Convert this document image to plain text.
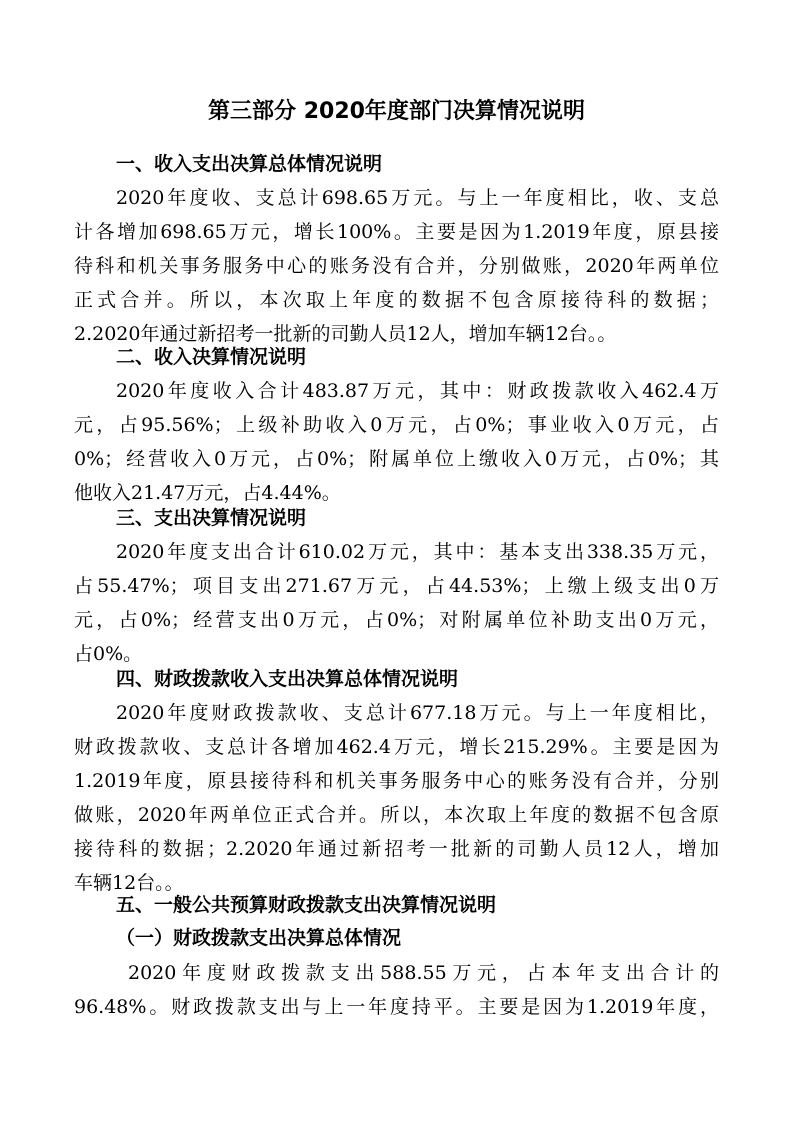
第三部分 2020年度部门决算情况说明
一、收入支出决算总体情况说明
2020年度收、支总计698.65万元。与上一年度相比，收、支总
计各增加698.65万元，增长100%。主要是因为1.2019年度，原县接
待科和机关事务服务中心的账务没有合并，分别做账，2020年两单位
正式合并。所以，本次取上年度的数据不包含原接待科的数据；
2.2020年通过新招考一批新的司勤人员12人，增加车辆12台。。
二、收入决算情况说明
2020年度收入合计483.87万元，其中：财政拨款收入462.4万
元，占95.56%；上级补助收入0万元，占0%；事业收入0万元，占
0%；经营收入0万元，占0%；附属单位上缴收入0万元，占0%；其
他收入21.47万元，占4.44%。
三、支出决算情况说明
2020年度支出合计610.02万元，其中：基本支出338.35万元，
占55.47%；项目支出271.67万元，占44.53%；上缴上级支出0万
元，占0%；经营支出0万元，占0%；对附属单位补助支出0万元，
占0%。
四、财政拨款收入支出决算总体情况说明
2020年度财政拨款收、支总计677.18万元。与上一年度相比，
财政拨款收、支总计各增加462.4万元，增长215.29%。主要是因为
1.2019年度，原县接待科和机关事务服务中心的账务没有合并，分别
做账，2020年两单位正式合并。所以，本次取上年度的数据不包含原
接待科的数据；2.2020年通过新招考一批新的司勤人员12人，增加
车辆12台。。
五、一般公共预算财政拨款支出决算情况说明
（一）财政拨款支出决算总体情况
2020年度财政拨款支出588.55万元，占本年支出合计的
96.48%。财政拨款支出与上一年度持平。主要是因为1.2019年度，
